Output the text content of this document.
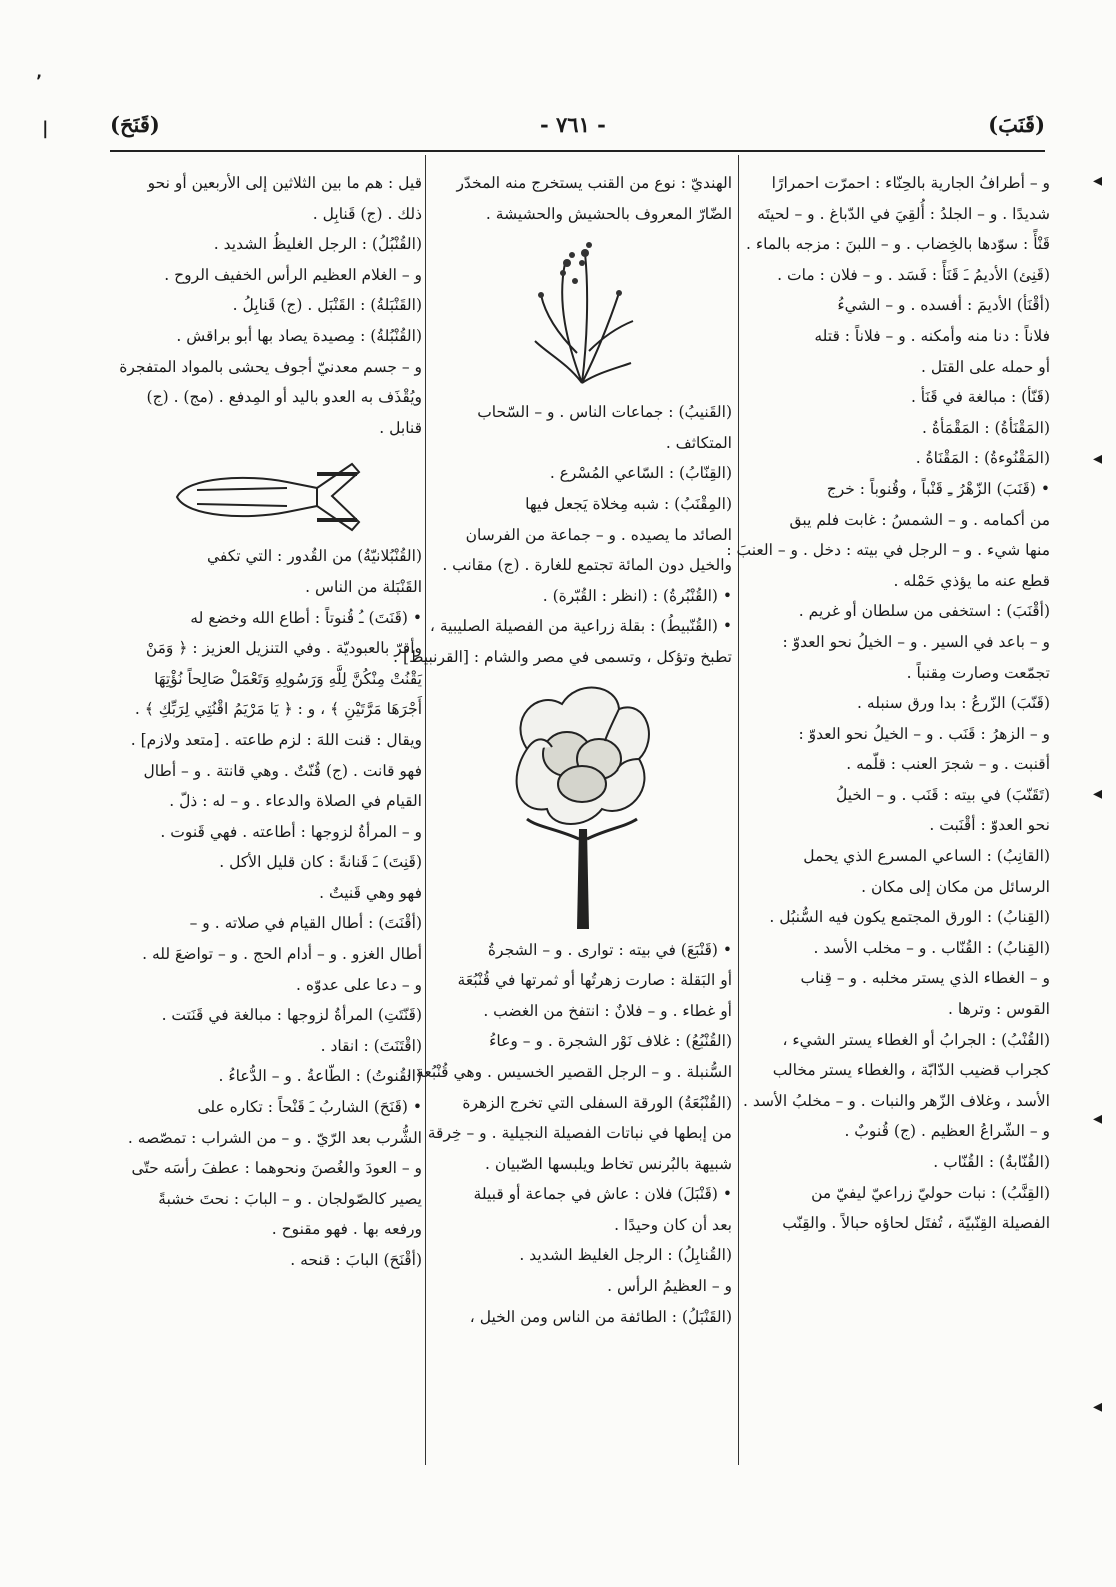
(قَنَحَ)	- ٧٦١ -	(قَنَبَ)
٬
|
◂
◂
◂
◂
◂
و – أطرافُ الجارية بالحِنّاء : احمرّت احمرارًا
شديدًا . و – الجلدُ : أُلقِيَ في الدّباغ . و – لحيتَه
قَنْأً : سوّدها بالخِضاب . و – اللبنَ : مزجه بالماء .
(قَنِئ) الأديمُ ـَ قَنَأً : فَسَد . و – فلان : مات .
(أقْنَأ) الأديمَ : أفسده . و – الشيءُ
فلاناً : دنا منه وأمكنه . و – فلاناً : قتله
أو حمله على القتل .
(قَنّأ) : مبالغة في قَنَأ .
(المَقْنَأةُ) : المَقْمَأةُ .
(المَقْنُوءةُ) : المَقْنَاةُ .
• (قَنَبَ) الزّهْرُ ـِ قَنْباً ، وقُنوباً : خرج
من أكمامه . و – الشمسُ : غابت فلم يبق
منها شيء . و – الرجل في بيته : دخل . و – العنبَ :
قطع عنه ما يؤذي حَمْله .
(أقْنَبَ) : استخفى من سلطان أو غريم .
و – باعد في السير . و – الخيلُ نحو العدوّ :
تجمّعت وصارت مِقنباً .
(قَنّبَ) الزّرعُ : بدا ورق سنبله .
و – الزهرُ : قَنَب . و – الخيلُ نحو العدوّ :
أقنبت . و – شجرَ العنب : قلّمه .
(تَقَنّبَ) في بيته : قَنَب . و – الخيلُ
نحو العدوّ : أقْنَبت .
(القانِبُ) : الساعي المسرع الذي يحمل
الرسائل من مكان إلى مكان .
(القِنابُ) : الورق المجتمع يكون فيه السُّنبُل .
(القِنابُ) : القُنّاب . و – مخلب الأسد .
و – الغطاء الذي يستر مخلبه . و – قِناب
القوس : وترها .
(القُنْبُ) : الجرابُ أو الغطاء يستر الشيء ،
كجراب قضيب الدّابّة ، والغطاء يستر مخالب
الأسد ، وغلاف الزّهر والنبات . و – مخلبُ الأسد .
و – الشّراعُ العظيم . (ج) قُنوبٌ .
(القُنّابةُ) : القُنّاب .
(القِنَّبُ) : نبات حوليّ زراعيّ ليفيّ من
الفصيلة القِنّبيّة ، تُفتَل لحاؤه حبالاً . والقِنّب
الهنديّ : نوع من القنب يستخرج منه المخدّر
الضّارّ المعروف بالحشيش والحشيشة .
(القَنيبُ) : جماعات الناس . و – السّحاب
المتكاثف .
(القِنّابُ) : السّاعي المُسْرع .
(المِقْنَبُ) : شبه مِخلاة يَجعل فيها
الصائد ما يصيده . و – جماعة من الفرسان
والخيل دون المائة تجتمع للغارة . (ج) مقانب .
• (القُنْبُرةُ) : (انظر : القُبّرة) .
• (القُنّبيطُ) : بقلة زراعية من الفصيلة الصليبية ،
تطبخ وتؤكل ، وتسمى في مصر والشام : [القرنبيط] .
• (قَنْبَعَ) في بيته : توارى . و – الشجرةُ
أو البَقلة : صارت زهرتُها أو ثمرتها في قُنْبُعَة
أو غطاء . و – فلانٌ : انتفخ من الغضب .
(القُنْبُعُ) : غلاف نَوْر الشجرة . و – وعاءُ
السُّنبلة . و – الرجل القصير الخسيس . وهي قُنْبُعة .
(القُنْبُعَةُ) الورقة السفلى التي تخرج الزهرة
من إبطها في نباتات الفصيلة النجيلية . و – خِرقة
شبيهة بالبُرنس تخاط ويلبسها الصّبيان .
• (قَنْبَلَ) فلان : عاش في جماعة أو قبيلة
بعد أن كان وحيدًا .
(القُنابِلُ) : الرجل الغليظ الشديد .
و – العظيمُ الرأس .
(القَنْبَلُ) : الطائفة من الناس ومن الخيل ،
قيل : هم ما بين الثلاثين إلى الأربعين أو نحو
ذلك . (ج) قَنابِل .
(القُنْبُلُ) : الرجل الغليظُ الشديد .
و – الغلام العظيم الرأس الخفيف الروح .
(القَنْبَلةُ) : القَنْبَل . (ج) قَنابِلُ .
(القُنْبُلةُ) : مِصيدة يصاد بها أبو براقش .
و – جسم معدنيّ أجوف يحشى بالمواد المتفجرة
ويُقْذَف به العدو باليد أو المِدفع . (مج) . (ج)
قنابل .
(القُنْبُلانيّةُ) من القُدور : التي تكفي
القَنْبَلة من الناس .
• (قَنَتَ) ـُ قُنوتاً : أطاع الله وخضع له
وأقرّ بالعبوديّة . وفي التنزيل العزيز : ﴿ وَمَنْ
يَقْنُتْ مِنْكُنَّ لِلَّهِ وَرَسُولِهِ وَتَعْمَلْ صَالِحاً نُؤْتِهَا
أَجْرَهَا مَرَّتَيْنِ ﴾ ، و : ﴿ يَا مَرْيَمُ اقْنُتِي لِرَبِّكِ ﴾ .
ويقال : قنت اللهَ : لزم طاعته . [متعد ولازم] .
فهو قانت . (ج) قُنّتٌ . وهي قانتة . و – أطال
القيام في الصلاة والدعاء . و – له : ذلّ .
و – المرأةُ لزوجها : أطاعته . فهي قَنوت .
(قَنِتَ) ـَ قَنانةً : كان قليل الأكل .
فهو وهي قَنيتٌ .
(أقْنَتَ) : أطال القيام في صلاته . و –
أطال الغزو . و – أدام الحج . و – تواضعَ لله .
و – دعا على عدوّه .
(قَنّتَتِ) المرأةُ لزوجها : مبالغة في قَنَتت .
(اقْتَنَتَ) : انقاد .
(القُنوتُ) : الطّاعةُ . و – الدُّعاءُ .
• (قَنَحَ) الشاربُ ـَ قَنْحاً : تكاره على
الشُّرب بعد الرّيّ . و – من الشراب : تمصّصه .
و – العودَ والغُصنَ ونحوهما : عطفَ رأسَه حتّى
يصير كالصّولجان . و – البابَ : نحتَ خشبةً
ورفعه بها . فهو مقنوح .
(أقْنَحَ) البابَ : قنحه .
